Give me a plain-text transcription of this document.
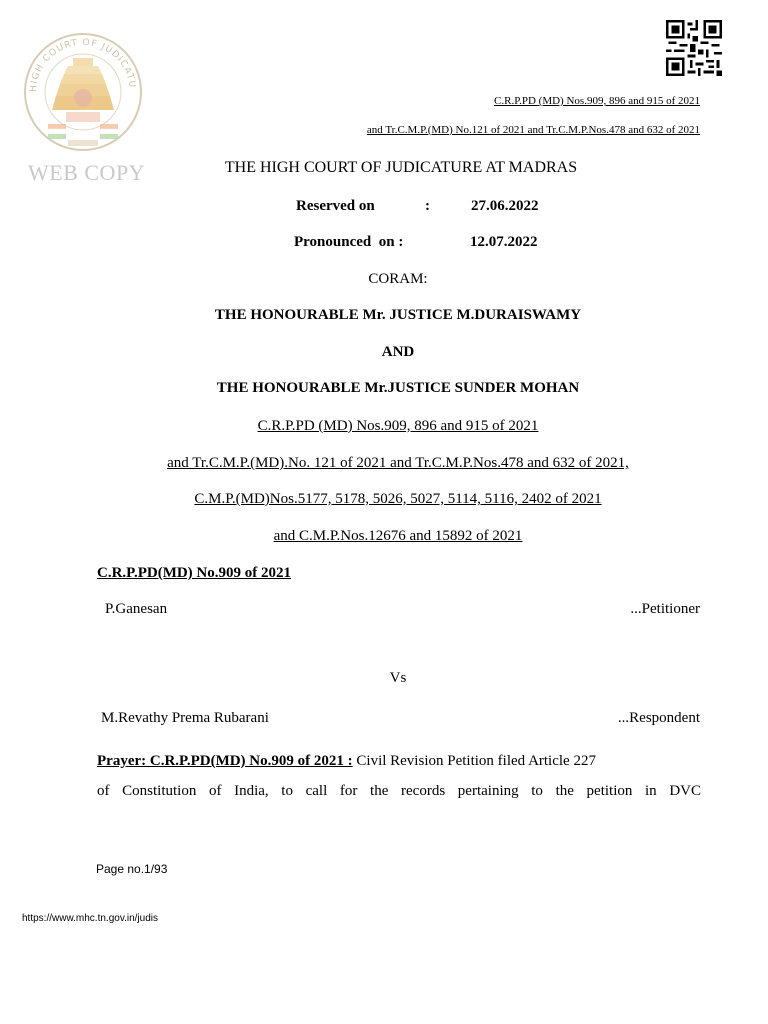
HIGH COURT OF JUDICATU
WEB COPY
C.R.P.PD (MD) Nos.909, 896 and 915 of 2021
and Tr.C.M.P.(MD) No.121 of 2021 and Tr.C.M.P.Nos.478 and 632 of 2021
THE HIGH COURT OF JUDICATURE AT MADRAS
Reserved on	:	27.06.2022
Pronounced  on :	12.07.2022
CORAM:
THE HONOURABLE Mr. JUSTICE M.DURAISWAMY
AND
THE HONOURABLE Mr.JUSTICE SUNDER MOHAN
C.R.P.PD (MD) Nos.909, 896 and 915 of 2021
and Tr.C.M.P.(MD).No. 121 of 2021 and Tr.C.M.P.Nos.478 and 632 of 2021,
C.M.P.(MD)Nos.5177, 5178, 5026, 5027, 5114, 5116, 2402 of 2021
and C.M.P.Nos.12676 and 15892 of 2021
C.R.P.PD(MD) No.909 of 2021
P.Ganesan	...Petitioner
Vs
M.Revathy Prema Rubarani	...Respondent
Prayer: C.R.P.PD(MD) No.909 of 2021 : Civil Revision Petition filed Article 227
of Constitution of India, to call for the records pertaining to the petition in DVC
Page no.1/93
https://www.mhc.tn.gov.in/judis
